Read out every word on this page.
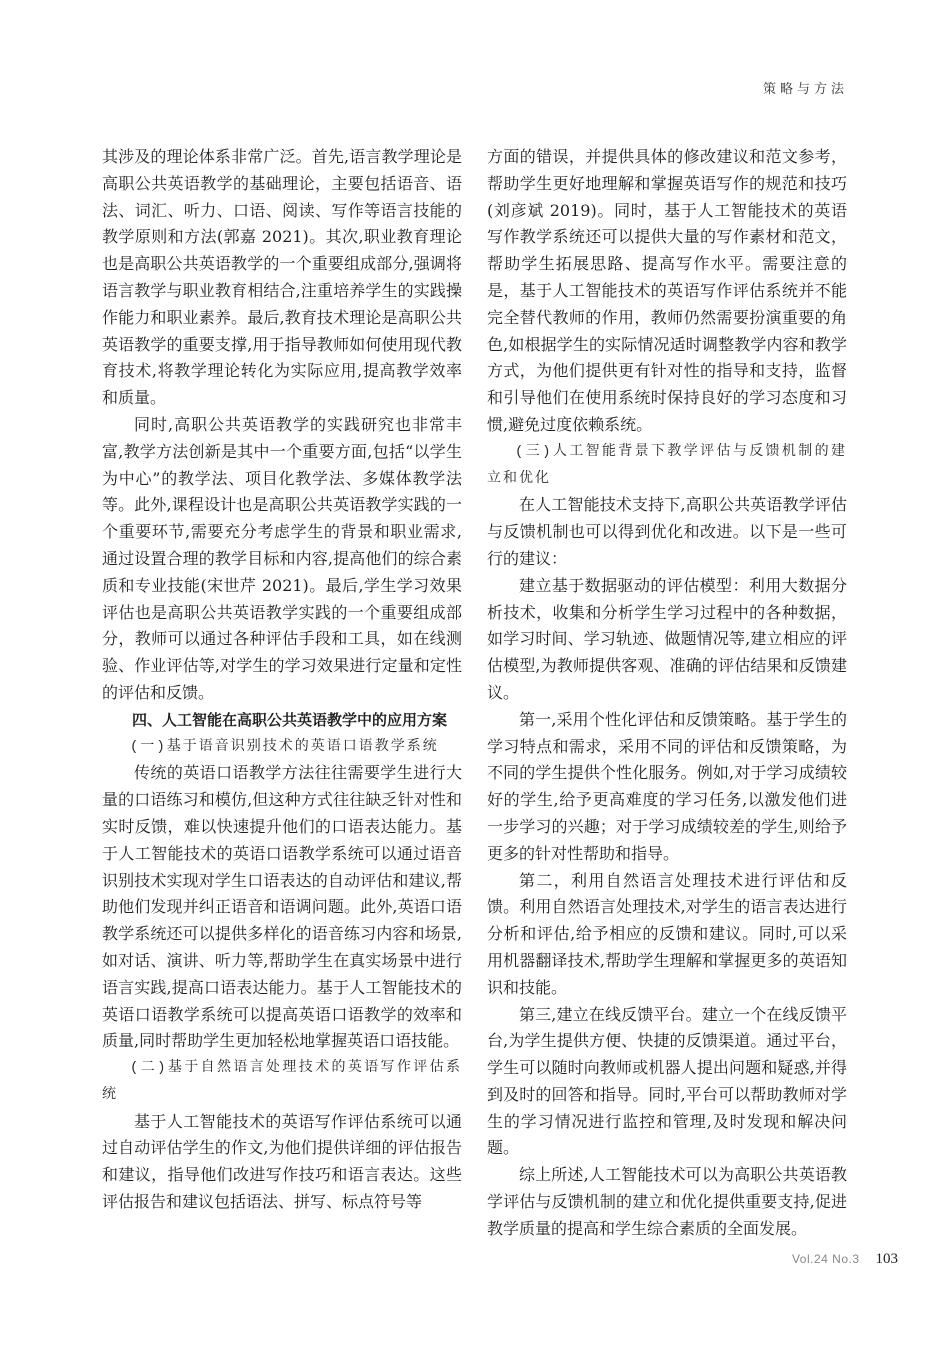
策略与方法

其涉及的理论体系非常广泛。首先,语言教学理论是高职公共英语教学的基础理论，主要包括语音、语法、词汇、听力、口语、阅读、写作等语言技能的教学原则和方法(郭嘉 2021)。其次,职业教育理论也是高职公共英语教学的一个重要组成部分,强调将语言教学与职业教育相结合,注重培养学生的实践操作能力和职业素养。最后,教育技术理论是高职公共英语教学的重要支撑,用于指导教师如何使用现代教育技术,将教学理论转化为实际应用,提高教学效率和质量。

同时,高职公共英语教学的实践研究也非常丰富,教学方法创新是其中一个重要方面,包括“以学生为中心”的教学法、项目化教学法、多媒体教学法等。此外,课程设计也是高职公共英语教学实践的一个重要环节,需要充分考虑学生的背景和职业需求,通过设置合理的教学目标和内容,提高他们的综合素质和专业技能(宋世芹 2021)。最后,学生学习效果评估也是高职公共英语教学实践的一个重要组成部分，教师可以通过各种评估手段和工具，如在线测验、作业评估等,对学生的学习效果进行定量和定性的评估和反馈。

四、人工智能在高职公共英语教学中的应用方案

(一)基于语音识别技术的英语口语教学系统

传统的英语口语教学方法往往需要学生进行大量的口语练习和模仿,但这种方式往往缺乏针对性和实时反馈，难以快速提升他们的口语表达能力。基于人工智能技术的英语口语教学系统可以通过语音识别技术实现对学生口语表达的自动评估和建议,帮助他们发现并纠正语音和语调问题。此外,英语口语教学系统还可以提供多样化的语音练习内容和场景,如对话、演讲、听力等,帮助学生在真实场景中进行语言实践,提高口语表达能力。基于人工智能技术的英语口语教学系统可以提高英语口语教学的效率和质量,同时帮助学生更加轻松地掌握英语口语技能。

(二)基于自然语言处理技术的英语写作评估系统

基于人工智能技术的英语写作评估系统可以通过自动评估学生的作文,为他们提供详细的评估报告和建议，指导他们改进写作技巧和语言表达。这些评估报告和建议包括语法、拼写、标点符号等

方面的错误，并提供具体的修改建议和范文参考，帮助学生更好地理解和掌握英语写作的规范和技巧(刘彦斌 2019)。同时，基于人工智能技术的英语写作教学系统还可以提供大量的写作素材和范文，帮助学生拓展思路、提高写作水平。需要注意的是，基于人工智能技术的英语写作评估系统并不能完全替代教师的作用，教师仍然需要扮演重要的角色,如根据学生的实际情况适时调整教学内容和教学方式，为他们提供更有针对性的指导和支持，监督和引导他们在使用系统时保持良好的学习态度和习惯,避免过度依赖系统。

(三)人工智能背景下教学评估与反馈机制的建立和优化

在人工智能技术支持下,高职公共英语教学评估与反馈机制也可以得到优化和改进。以下是一些可行的建议：

建立基于数据驱动的评估模型：利用大数据分析技术，收集和分析学生学习过程中的各种数据，如学习时间、学习轨迹、做题情况等,建立相应的评估模型,为教师提供客观、准确的评估结果和反馈建议。

第一,采用个性化评估和反馈策略。基于学生的学习特点和需求，采用不同的评估和反馈策略，为不同的学生提供个性化服务。例如,对于学习成绩较好的学生,给予更高难度的学习任务,以激发他们进一步学习的兴趣；对于学习成绩较差的学生,则给予更多的针对性帮助和指导。

第二，利用自然语言处理技术进行评估和反馈。利用自然语言处理技术,对学生的语言表达进行分析和评估,给予相应的反馈和建议。同时,可以采用机器翻译技术,帮助学生理解和掌握更多的英语知识和技能。

第三,建立在线反馈平台。建立一个在线反馈平台,为学生提供方便、快捷的反馈渠道。通过平台，学生可以随时向教师或机器人提出问题和疑惑,并得到及时的回答和指导。同时,平台可以帮助教师对学生的学习情况进行监控和管理,及时发现和解决问题。

综上所述,人工智能技术可以为高职公共英语教学评估与反馈机制的建立和优化提供重要支持,促进教学质量的提高和学生综合素质的全面发展。

Vol.24 No.3 103
